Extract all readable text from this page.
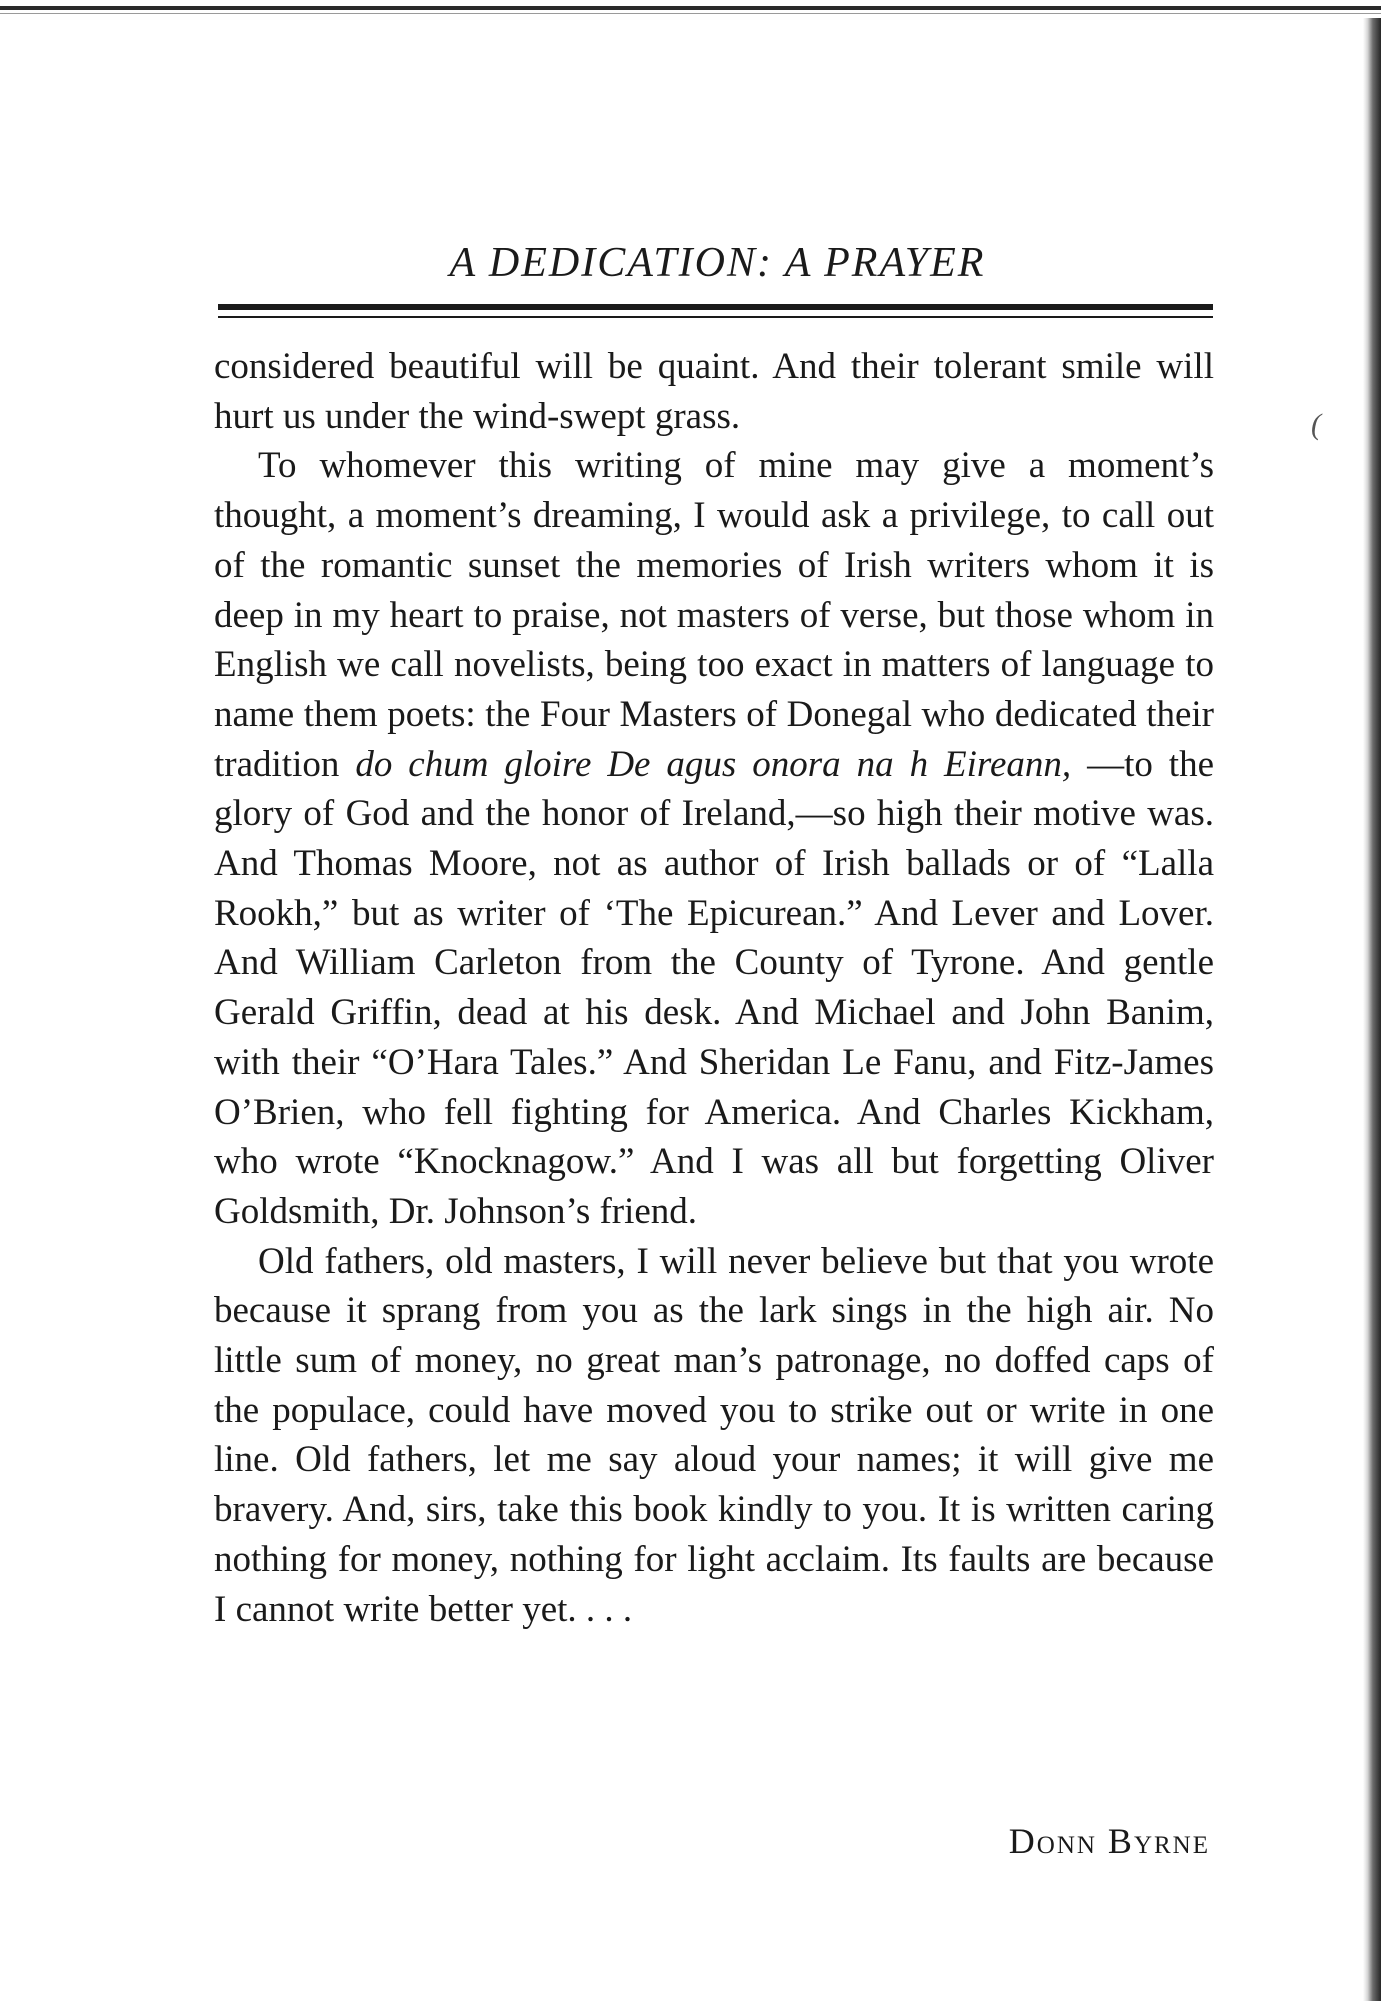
(
A DEDICATION: A PRAYER

considered beautiful will be quaint. And their tolerant smile will hurt us under the wind-swept grass.

To whomever this writing of mine may give a moment’s thought, a moment’s dreaming, I would ask a privilege, to call out of the romantic sunset the memories of Irish writers whom it is deep in my heart to praise, not masters of verse, but those whom in English we call novelists, being too exact in matters of language to name them poets: the Four Masters of Donegal who dedicated their tradition do chum gloire De agus onora na h Eireann, —to the glory of God and the honor of Ireland,—so high their motive was. And Thomas Moore, not as author of Irish ballads or of “Lalla Rookh,” but as writer of ‘The Epicurean.” And Lever and Lover. And William Carleton from the County of Tyrone. And gentle Gerald Griffin, dead at his desk. And Michael and John Banim, with their “O’Hara Tales.” And Sheridan Le Fanu, and Fitz-James O’Brien, who fell fighting for America. And Charles Kickham, who wrote “Knocknagow.” And I was all but forgetting Oliver Goldsmith, Dr. Johnson’s friend.

Old fathers, old masters, I will never believe but that you wrote because it sprang from you as the lark sings in the high air. No little sum of money, no great man’s patronage, no doffed caps of the populace, could have moved you to strike out or write in one line. Old fathers, let me say aloud your names; it will give me bravery. And, sirs, take this book kindly to you. It is written caring nothing for money, nothing for light acclaim. Its faults are because I cannot write better yet. . . .

Donn Byrne
